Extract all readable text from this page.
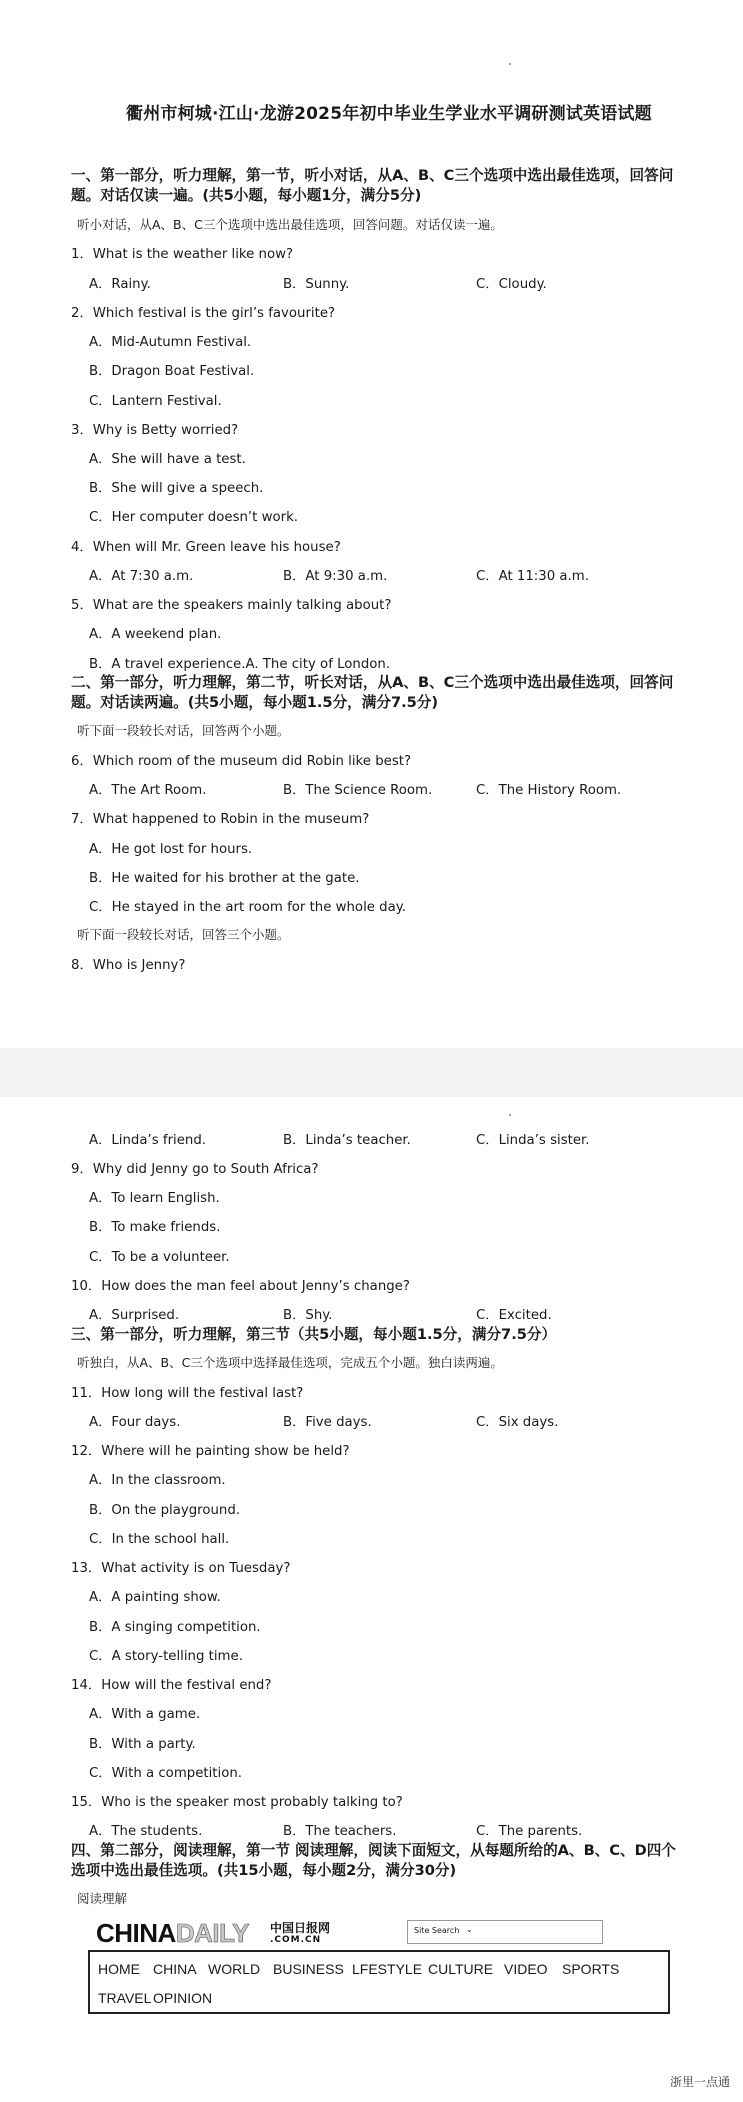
衢州市柯城·江山·龙游2025年初中毕业生学业水平调研测试英语试题
一、第一部分，听力理解，第一节，听小对话，从A、B、C三个选项中选出最佳选项，回答问题。对话仅读一遍。(共5小题，每小题1分，满分5分)
听小对话，从A、B、C三个选项中选出最佳选项，回答问题。对话仅读一遍。
1．What is the weather like now?
A．Rainy.	B．Sunny.	C．Cloudy.
2．Which festival is the girl’s favourite?
A．Mid-Autumn Festival.
B．Dragon Boat Festival.
C．Lantern Festival.
3．Why is Betty worried?
A．She will have a test.
B．She will give a speech.
C．Her computer doesn’t work.
4．When will Mr. Green leave his house?
A．At 7:30 a.m.	B．At 9:30 a.m.	C．At 11:30 a.m.
5．What are the speakers mainly talking about?
A．A weekend plan.
B．A travel experience.A. The city of London.
二、第一部分，听力理解，第二节，听长对话，从A、B、C三个选项中选出最佳选项，回答问题。对话读两遍。(共5小题，每小题1.5分，满分7.5分)
听下面一段较长对话，回答两个小题。
6．Which room of the museum did Robin like best?
A．The Art Room.	B．The Science Room.	C．The History Room.
7．What happened to Robin in the museum?
A．He got lost for hours.
B．He waited for his brother at the gate.
C．He stayed in the art room for the whole day.
听下面一段较长对话，回答三个小题。
8．Who is Jenny?
A．Linda’s friend.	B．Linda’s teacher.	C．Linda’s sister.
9．Why did Jenny go to South Africa?
A．To learn English.
B．To make friends.
C．To be a volunteer.
10．How does the man feel about Jenny’s change?
A．Surprised.	B．Shy.	C．Excited.
三、第一部分，听力理解，第三节（共5小题，每小题1.5分，满分7.5分）
听独白，从A、B、C三个选项中选择最佳选项，完成五个小题。独白读两遍。
11．How long will the festival last?
A．Four days.	B．Five days.	C．Six days.
12．Where will he painting show be held?
A．In the classroom.
B．On the playground.
C．In the school hall.
13．What activity is on Tuesday?
A．A painting show.
B．A singing competition.
C．A story-telling time.
14．How will the festival end?
A．With a game.
B．With a party.
C．With a competition.
15．Who is the speaker most probably talking to?
A．The students.	B．The teachers.	C．The parents.
四、第二部分，阅读理解，第一节 阅读理解，阅读下面短文，从每题所给的A、B、C、D四个选项中选出最佳选项。(共15小题，每小题2分，满分30分)
阅读理解
CHINADAILY 中国日报网
.COM.CN
Site Search ⌄
HOME CHINA WORLD BUSINESS LFESTYLE CULTURE VIDEO SPORTS
TRAVEL OPINION
浙里一点通
